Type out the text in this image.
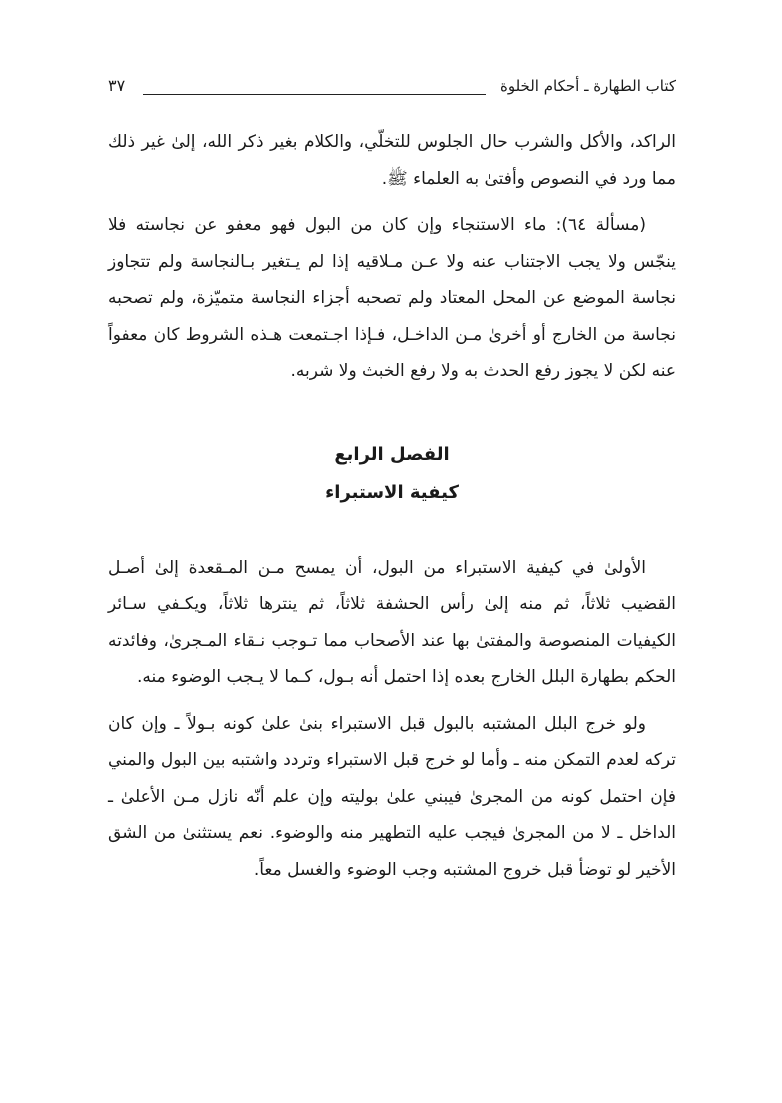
كتاب الطهارة ـ أحكام الخلوة
٣٧

الراكد، والأكل والشرب حال الجلوس للتخلّي، والكلام بغير ذكر الله، إلىٰ غير ذلك مما ورد في النصوص وأفتىٰ به العلماء ﷺ.

(مسألة ٦٤): ماء الاستنجاء وإن كان من البول فهو معفو عن نجاسته فلا ينجّس ولا يجب الاجتناب عنه ولا عـن مـلاقيه إذا لم يـتغير بـالنجاسة ولم تتجاوز نجاسة الموضع عن المحل المعتاد ولم تصحبه أجزاء النجاسة متميّزة، ولم تصحبه نجاسة من الخارج أو أخرىٰ مـن الداخـل، فـإذا اجـتمعت هـذه الشروط كان معفواً عنه لكن لا يجوز رفع الحدث به ولا رفع الخبث ولا شربه.

الفصل الرابع

كيفية الاستبراء

الأولىٰ في كيفية الاستبراء من البول، أن يمسح مـن المـقعدة إلىٰ أصـل القضيب ثلاثاً، ثم منه إلىٰ رأس الحشفة ثلاثاً، ثم ينترها ثلاثاً، ويكـفي سـائر الكيفيات المنصوصة والمفتىٰ بها عند الأصحاب مما تـوجب نـقاء المـجرىٰ، وفائدته الحكم بطهارة البلل الخارج بعده إذا احتمل أنه بـول، كـما لا يـجب الوضوء منه.

ولو خرج البلل المشتبه بالبول قبل الاستبراء بنىٰ علىٰ كونه بـولاً ـ وإن كان تركه لعدم التمكن منه ـ وأما لو خرج قبل الاستبراء وتردد واشتبه بين البول والمني فإن احتمل كونه من المجرىٰ فيبني علىٰ بوليته وإن علم أنّه نازل مـن الأعلىٰ ـ الداخل ـ لا من المجرىٰ فيجب عليه التطهير منه والوضوء. نعم يستثنىٰ من الشق الأخير لو توضأ قبل خروج المشتبه وجب الوضوء والغسل معاً.
